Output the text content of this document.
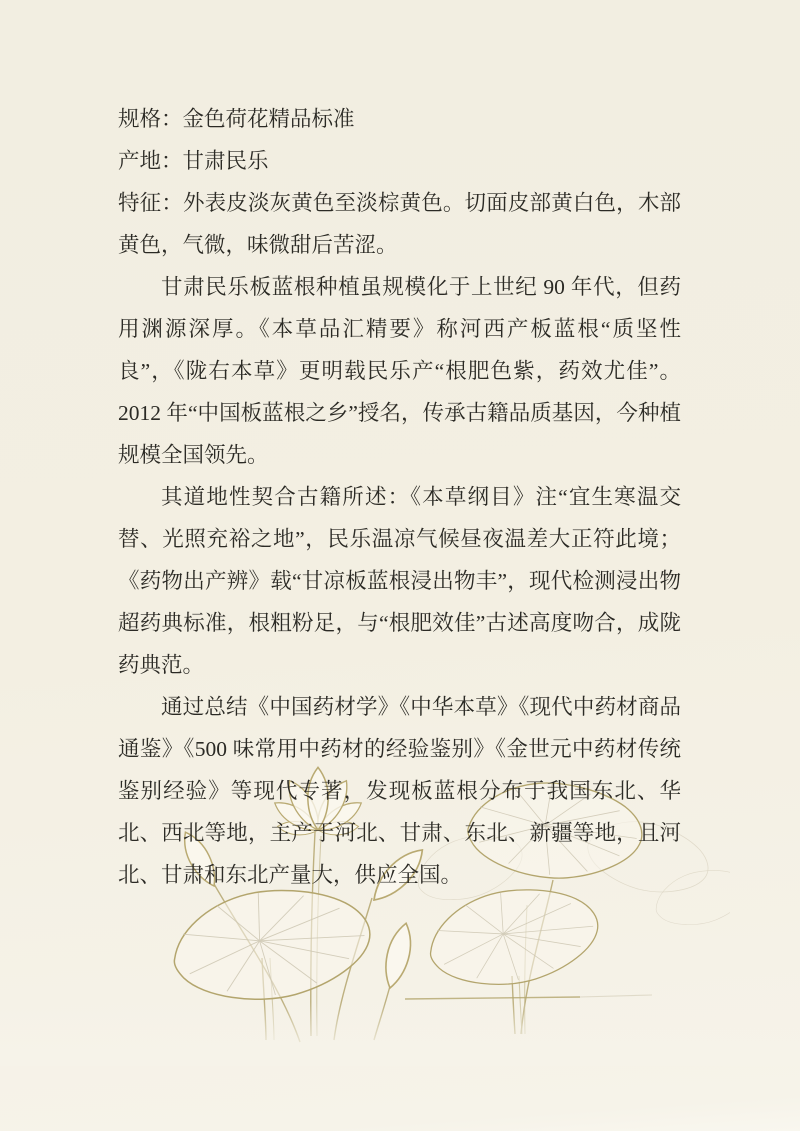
规格：金色荷花精品标准

产地：甘肃民乐

特征：外表皮淡灰黄色至淡棕黄色。切面皮部黄白色，木部黄色，气微，味微甜后苦涩。

甘肃民乐板蓝根种植虽规模化于上世纪 90 年代，但药用渊源深厚。《本草品汇精要》称河西产板蓝根“质坚性良”，《陇右本草》更明载民乐产“根肥色紫，药效尤佳”。2012 年“中国板蓝根之乡”授名，传承古籍品质基因，今种植规模全国领先。

其道地性契合古籍所述：《本草纲目》注“宜生寒温交替、光照充裕之地”，民乐温凉气候昼夜温差大正符此境；《药物出产辨》载“甘凉板蓝根浸出物丰”，现代检测浸出物超药典标准，根粗粉足，与“根肥效佳”古述高度吻合，成陇药典范。

通过总结《中国药材学》《中华本草》《现代中药材商品通鉴》《500 味常用中药材的经验鉴别》《金世元中药材传统鉴别经验》等现代专著，发现板蓝根分布于我国东北、华北、西北等地，主产于河北、甘肃、东北、新疆等地，且河北、甘肃和东北产量大，供应全国。
